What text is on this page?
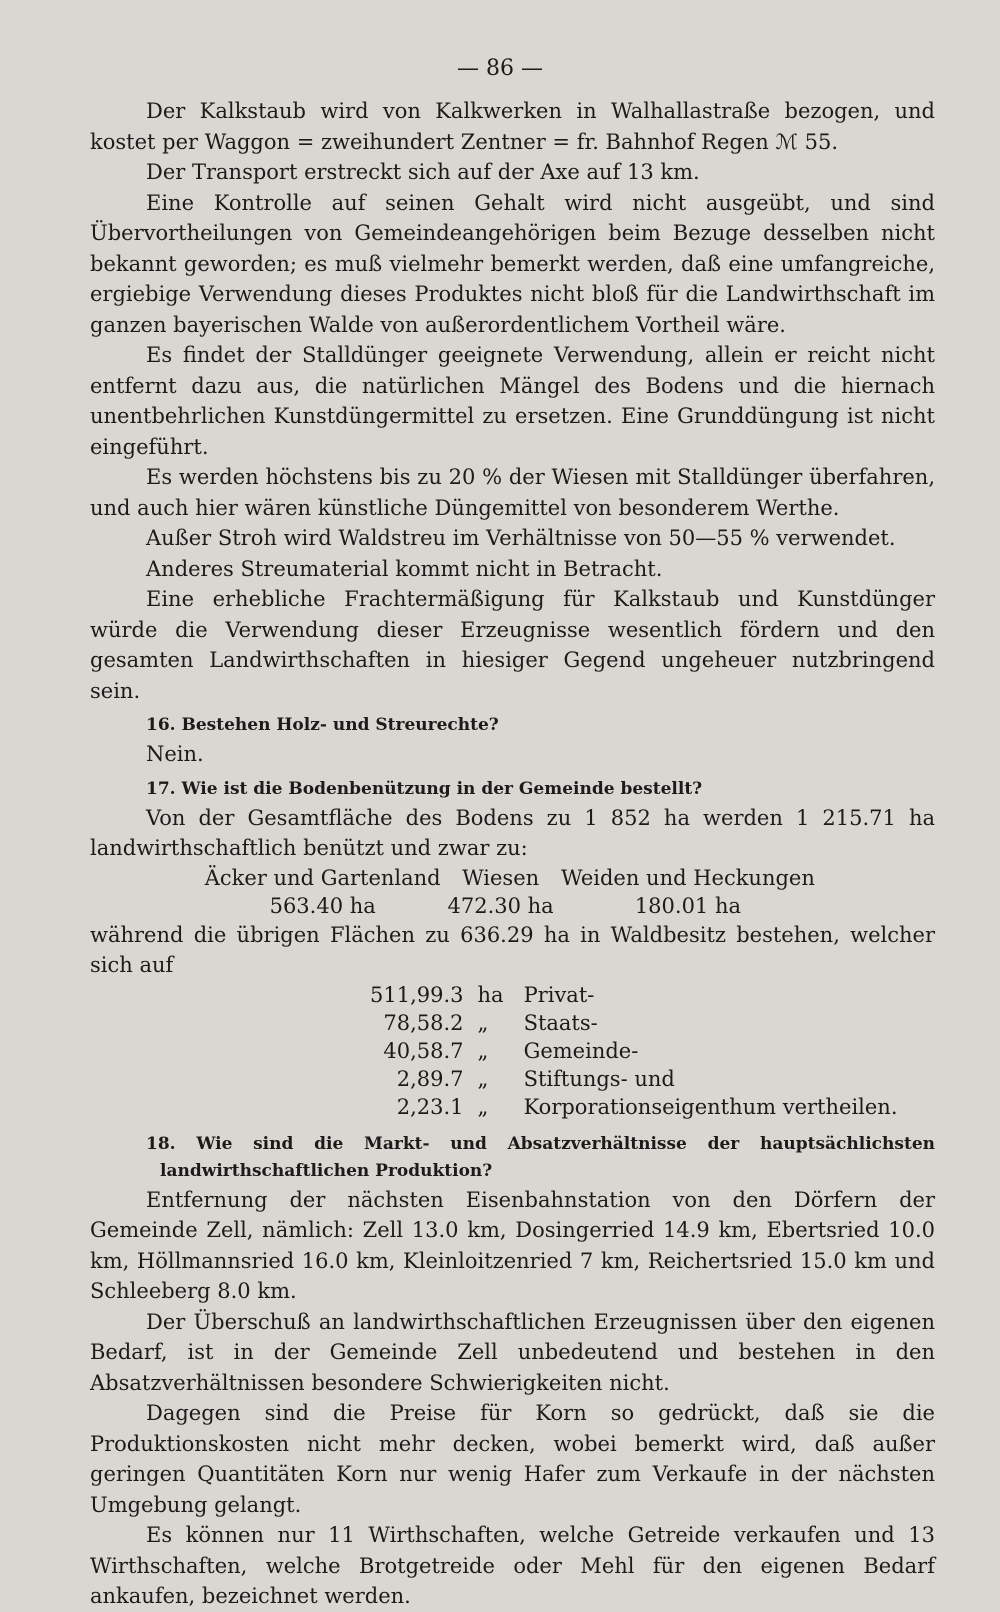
— 86 —

Der Kalkstaub wird von Kalkwerken in Walhallastraße bezogen, und kostet per Waggon = zweihundert Zentner = fr. Bahnhof Regen ℳ 55.

Der Transport erstreckt sich auf der Axe auf 13 km.

Eine Kontrolle auf seinen Gehalt wird nicht ausgeübt, und sind Übervortheilungen von Gemeindeangehörigen beim Bezuge desselben nicht bekannt geworden; es muß vielmehr bemerkt werden, daß eine umfangreiche, ergiebige Verwendung dieses Produktes nicht bloß für die Landwirthschaft im ganzen bayerischen Walde von außerordentlichem Vortheil wäre.

Es findet der Stalldünger geeignete Verwendung, allein er reicht nicht entfernt dazu aus, die natürlichen Mängel des Bodens und die hiernach unentbehrlichen Kunstdüngermittel zu ersetzen. Eine Grunddüngung ist nicht eingeführt.

Es werden höchstens bis zu 20 % der Wiesen mit Stalldünger überfahren, und auch hier wären künstliche Düngemittel von besonderem Werthe.

Außer Stroh wird Waldstreu im Verhältnisse von 50—55 % verwendet.

Anderes Streumaterial kommt nicht in Betracht.

Eine erhebliche Frachtermäßigung für Kalkstaub und Kunstdünger würde die Verwendung dieser Erzeugnisse wesentlich fördern und den gesamten Landwirthschaften in hiesiger Gegend ungeheuer nutzbringend sein.

16. Bestehen Holz- und Streurechte?

Nein.

17. Wie ist die Bodenbenützung in der Gemeinde bestellt?

Von der Gesamtfläche des Bodens zu 1 852 ha werden 1 215.71 ha landwirthschaftlich benützt und zwar zu:

Äcker und Gartenland	Wiesen	Weiden und Heckungen
563.40 ha	472.30 ha	180.01 ha

während die übrigen Flächen zu 636.29 ha in Waldbesitz bestehen, welcher sich auf

511,99.3	ha	Privat-
78,58.2	„	Staats-
40,58.7	„	Gemeinde-
2,89.7	„	Stiftungs- und
2,23.1	„	Korporationseigenthum vertheilen.

18. Wie sind die Markt- und Absatzverhältnisse der hauptsächlichsten landwirthschaftlichen Produktion?

Entfernung der nächsten Eisenbahnstation von den Dörfern der Gemeinde Zell, nämlich: Zell 13.0 km, Dosingerried 14.9 km, Ebertsried 10.0 km, Höllmannsried 16.0 km, Kleinloitzenried 7 km, Reichertsried 15.0 km und Schleeberg 8.0 km.

Der Überschuß an landwirthschaftlichen Erzeugnissen über den eigenen Bedarf, ist in der Gemeinde Zell unbedeutend und bestehen in den Absatzverhältnissen besondere Schwierigkeiten nicht.

Dagegen sind die Preise für Korn so gedrückt, daß sie die Produktionskosten nicht mehr decken, wobei bemerkt wird, daß außer geringen Quantitäten Korn nur wenig Hafer zum Verkaufe in der nächsten Umgebung gelangt.

Es können nur 11 Wirthschaften, welche Getreide verkaufen und 13 Wirthschaften, welche Brotgetreide oder Mehl für den eigenen Bedarf ankaufen, bezeichnet werden.
